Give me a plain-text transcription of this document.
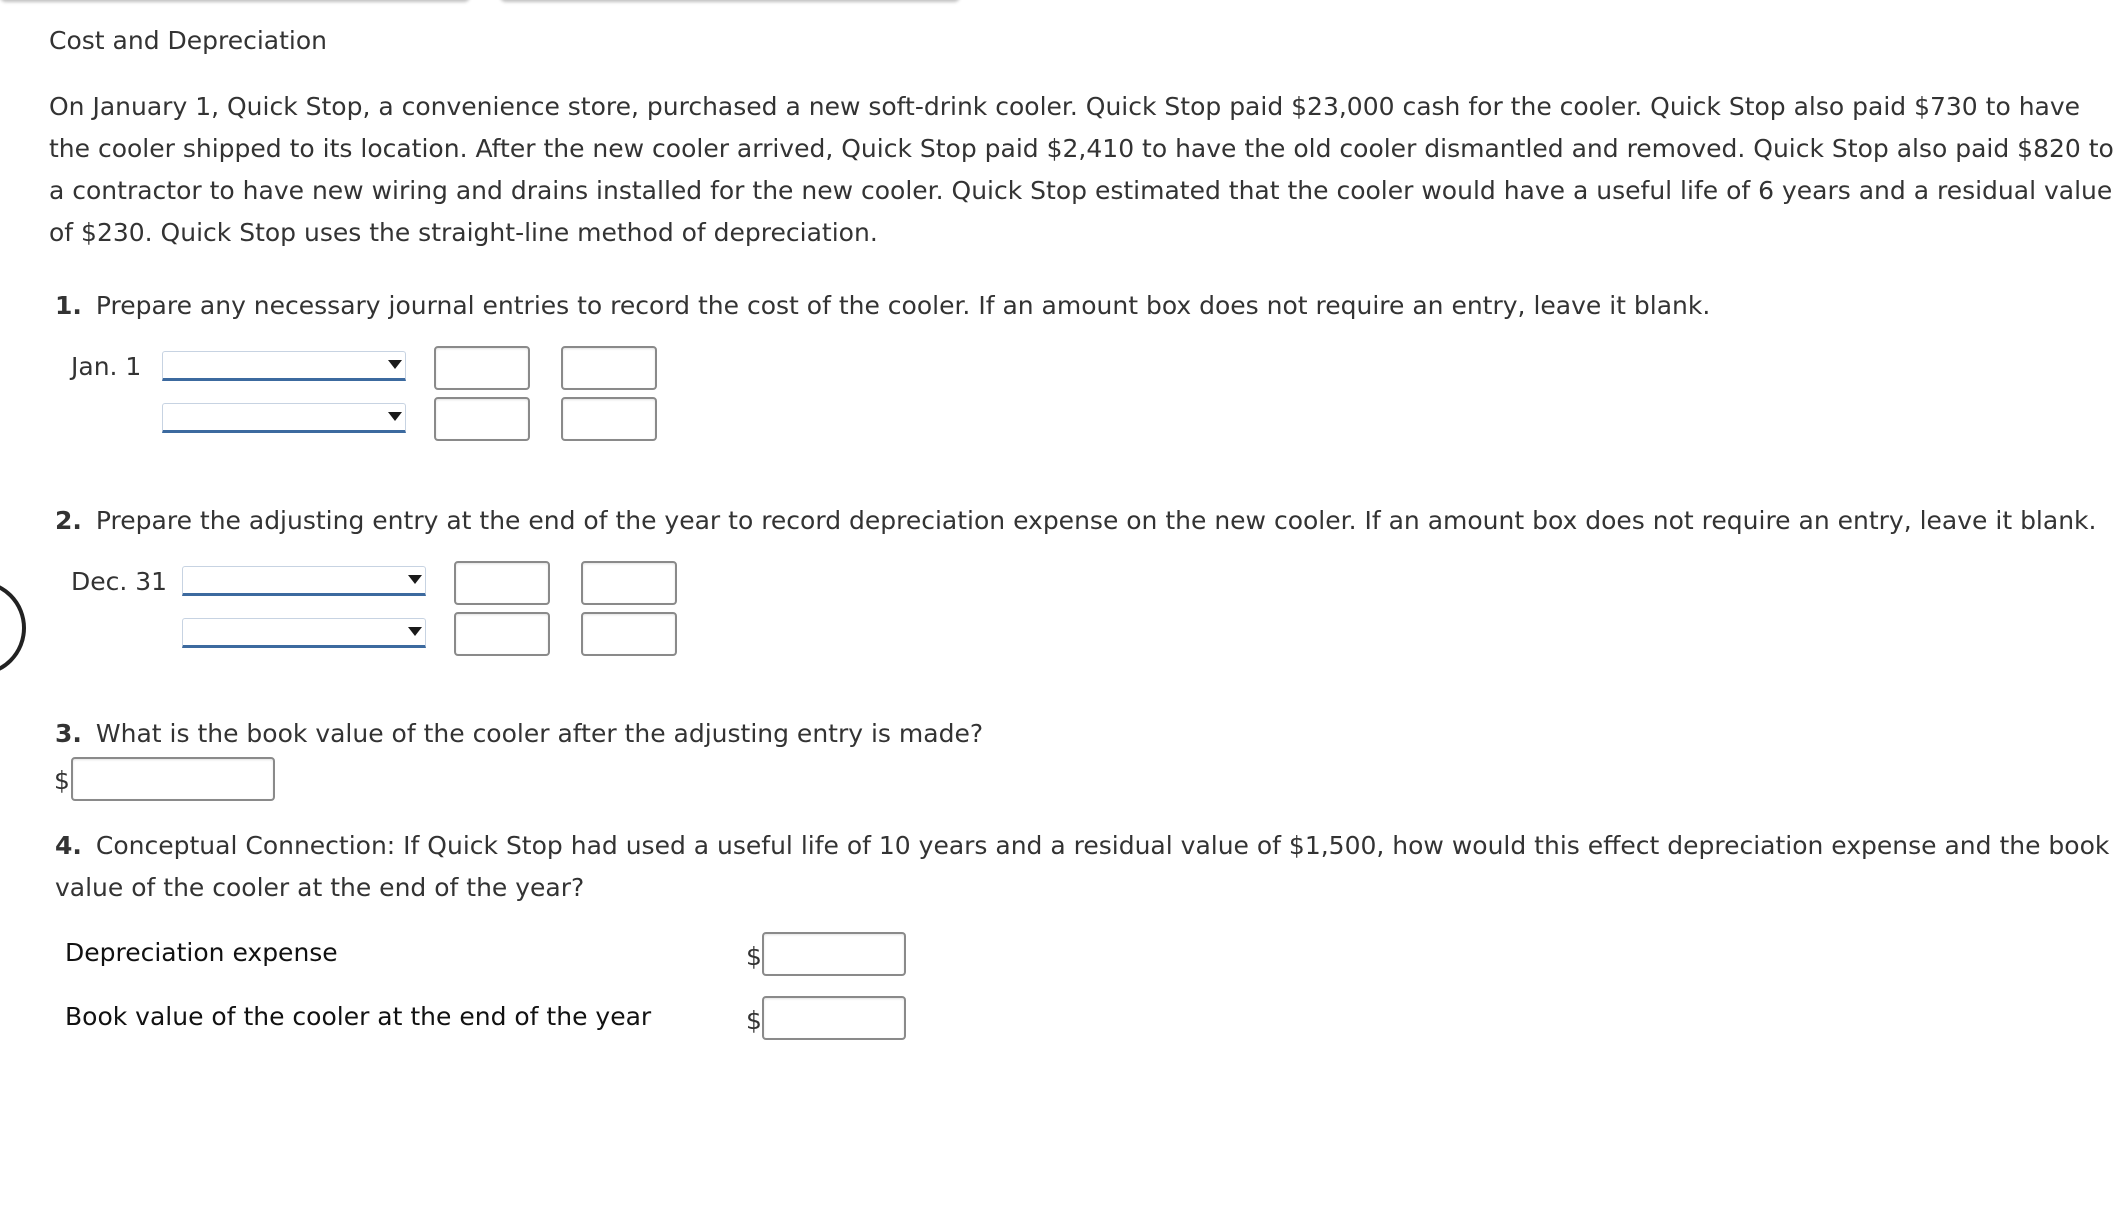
Cost and Depreciation
On January 1, Quick Stop, a convenience store, purchased a new soft-drink cooler. Quick Stop paid $23,000 cash for the cooler. Quick Stop also paid $730 to have the cooler shipped to its location. After the new cooler arrived, Quick Stop paid $2,410 to have the old cooler dismantled and removed. Quick Stop also paid $820 to a contractor to have new wiring and drains installed for the new cooler. Quick Stop estimated that the cooler would have a useful life of 6 years and a residual value of $230. Quick Stop uses the straight-line method of depreciation.
1. Prepare any necessary journal entries to record the cost of the cooler. If an amount box does not require an entry, leave it blank.
Jan. 1
2. Prepare the adjusting entry at the end of the year to record depreciation expense on the new cooler. If an amount box does not require an entry, leave it blank.
Dec. 31
3. What is the book value of the cooler after the adjusting entry is made?
$
4. Conceptual Connection: If Quick Stop had used a useful life of 10 years and a residual value of $1,500, how would this effect depreciation expense and the book value of the cooler at the end of the year?
Depreciation expense	$
Book value of the cooler at the end of the year	$
